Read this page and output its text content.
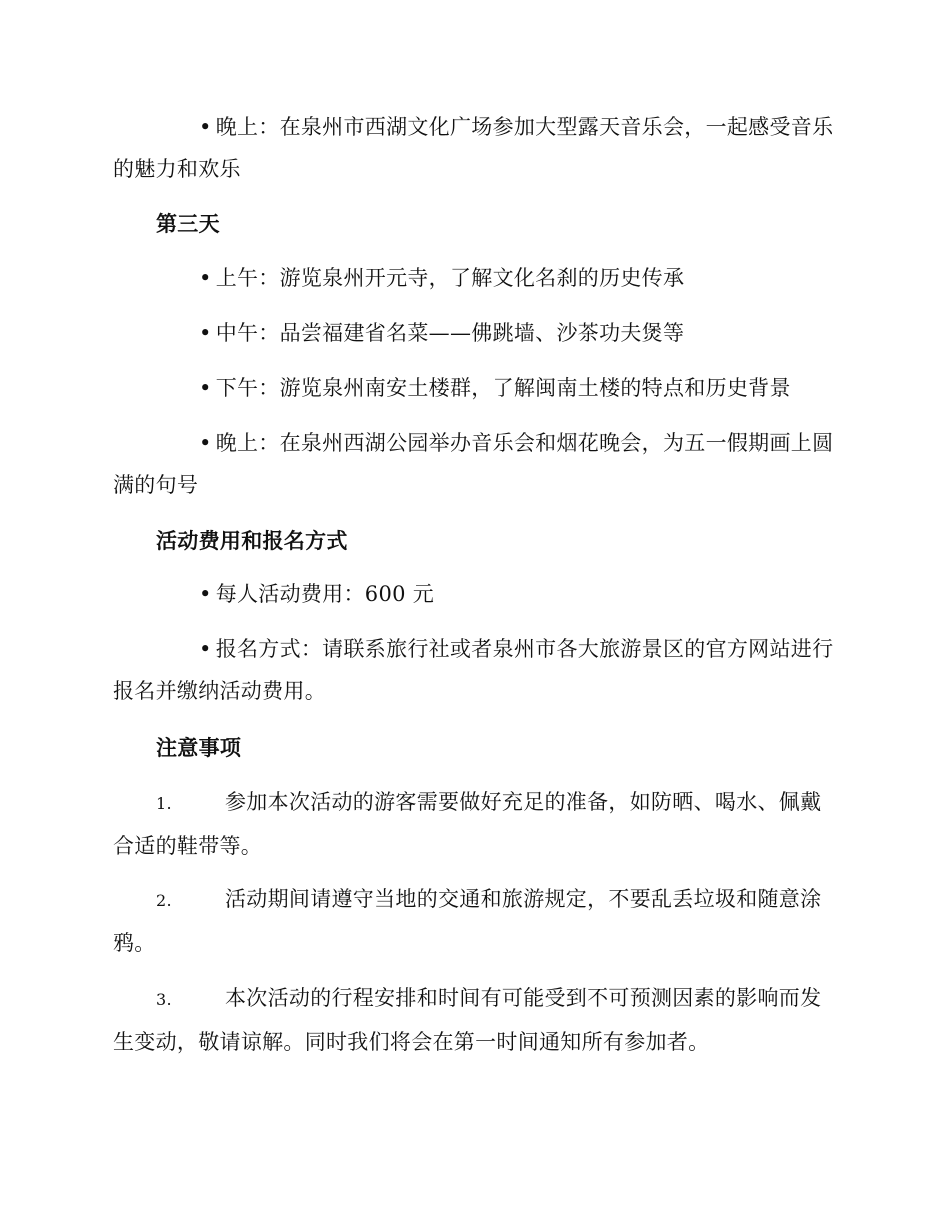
• 晚上：在泉州市西湖文化广场参加大型露天音乐会，一起感受音乐的魅力和欢乐

第三天

• 上午：游览泉州开元寺，了解文化名刹的历史传承

• 中午：品尝福建省名菜——佛跳墙、沙茶功夫煲等

• 下午：游览泉州南安土楼群，了解闽南土楼的特点和历史背景

• 晚上：在泉州西湖公园举办音乐会和烟花晚会，为五一假期画上圆满的句号

活动费用和报名方式

• 每人活动费用：600 元

• 报名方式：请联系旅行社或者泉州市各大旅游景区的官方网站进行报名并缴纳活动费用。

注意事项

1.	参加本次活动的游客需要做好充足的准备，如防晒、喝水、佩戴合适的鞋带等。

2.	活动期间请遵守当地的交通和旅游规定，不要乱丢垃圾和随意涂鸦。

3.	本次活动的行程安排和时间有可能受到不可预测因素的影响而发生变动，敬请谅解。同时我们将会在第一时间通知所有参加者。
